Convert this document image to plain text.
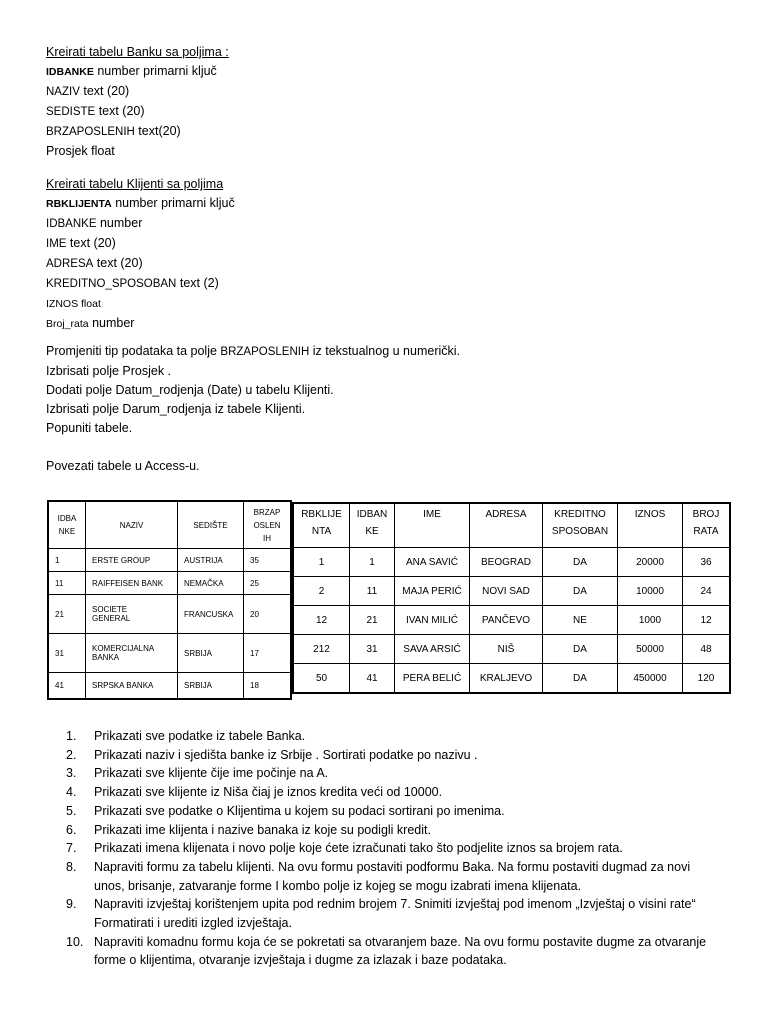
Kreirati tabelu Banku sa poljima :
IDBANKE number primarni ključ
NAZIV text (20)
SEDISTE text (20)
BRZAPOSLENIH text(20)
Prosjek float
Kreirati tabelu Klijenti sa poljima
RBKLIJENTA number primarni ključ
IDBANKE number
IME text (20)
ADRESA text (20)
KREDITNO_SPOSOBAN text (2)
IZNOS float
Broj_rata number
Promjeniti tip podataka ta polje BRZAPOSLENIH iz tekstualnog u numerički.
Izbrisati polje Prosjek .
Dodati polje Datum_rodjenja (Date) u tabelu Klijenti.
Izbrisati polje Darum_rodjenja iz tabele Klijenti.
Popuniti tabele.
Povezati tabele u Access-u.
IDBA
NKE	NAZIV	SEDIŠTE	BRZAP
OSLEN
IH
1	ERSTE GROUP	AUSTRIJA	35
11	RAIFFEISEN BANK	NEMAČKA	25
21	SOCIETE
GENERAL	FRANCUSKA	20
31	KOMERCIJALNA
BANKA	SRBIJA	17
41	SRPSKA BANKA	SRBIJA	18
RBKLIJE
NTA	IDBAN
KE	IME	ADRESA	KREDITNO
SPOSOBAN	IZNOS	BROJ
RATA
1	1	ANA SAVIĆ	BEOGRAD	DA	20000	36
2	11	MAJA PERIĆ	NOVI SAD	DA	10000	24
12	21	IVAN MILIĆ	PANČEVO	NE	1000	12
212	31	SAVA ARSIĆ	NIŠ	DA	50000	48
50	41	PERA BELIĆ	KRALJEVO	DA	450000	120
1.	Prikazati sve podatke iz tabele Banka.
2.	Prikazati naziv i sjedišta banke iz Srbije . Sortirati podatke po nazivu .
3.	Prikazati sve klijente čije ime počinje na A.
4.	Prikazati sve klijente iz Niša čiaj je iznos kredita veći od 10000.
5.	Prikazati sve podatke o Klijentima u kojem su podaci sortirani po imenima.
6.	Prikazati ime klijenta i nazive banaka iz koje su podigli kredit.
7.	Prikazati imena klijenata i novo polje koje ćete izračunati tako što podjelite iznos sa brojem rata.
8.	Napraviti formu za tabelu klijenti. Na ovu formu postaviti podformu Baka. Na formu postaviti dugmad za novi unos, brisanje, zatvaranje forme I kombo polje iz kojeg se mogu izabrati imena klijenata.
9.	Napraviti izvještaj korištenjem upita pod rednim brojem 7. Snimiti izvještaj pod imenom „Izvještaj o visini rate“ Formatirati i urediti izgled izvještaja.
10. Napraviti komadnu formu koja će se pokretati sa otvaranjem baze. Na ovu formu postavite dugme za otvaranje forme o klijentima, otvaranje izvještaja i dugme za izlazak i baze podataka.
